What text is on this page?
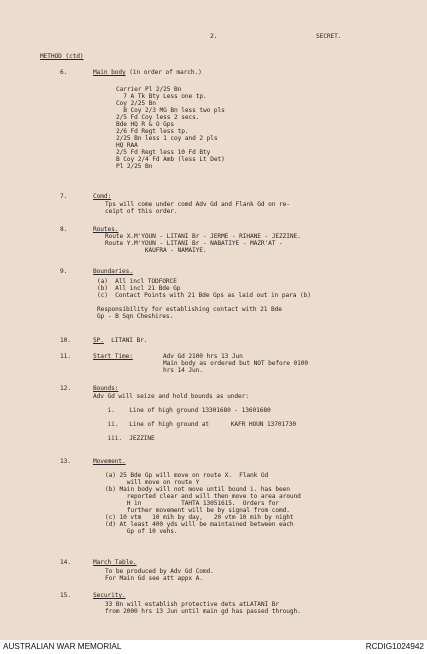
2.	SECRET.
METHOD (ctd)
6.	Main body (in order of march.)
Carrier Pl 2/25 Bn
7 A Tk Bty Less one tp.
Coy 2/25 Bn
B Coy 2/3 MG Bn less two pls
2/5 Fd Coy less 2 secs.
Bde HQ R & O Gps
2/6 Fd Regt less tp.
2/25 Bn less 1 coy and 2 pls
HQ RAA
2/5 Fd Regt less 10 Fd Bty
B Coy 2/4 Fd Amb (less Lt Det)
Pl 2/25 Bn
7.	Comd:
Tps will come under comd Adv Gd and Flank Gd on re-
ceipt of this order.
8.	Routes.
Route X.M'YOUN - LITANI Br - JERME - RIHANE - JEZZINE.
Route Y.M'YOUN - LITANI Br - NABATIYE - MAZR'AT -
KAUFRA - NAMAIYE.
9.	Boundaries.
(a)  All incl TODFORCE
(b)  All incl 21 Bde Gp
(c)  Contact Points with 21 Bde Gps as laid out in para (b)

Responsibility for establishing contact with 21 Bde
Gp - B Sqn Cheshires.
10.	SP. LITANI Br.
11.	Start Time:	Adv Gd 2100 hrs 13 Jun
Main body as ordered but NOT before 0100
hrs 14 Jun.
12.	Bounds:
Adv Gd will seize and hold bounds as under:

i.    Line of high ground 13301680 - 13601680

ii.   Line of high ground at      KAFR HOUN 13701730

iii.  JEZZINE
13.	Movement.
(a) 25 Bde Gp will move on route X.  Flank Gd
will move on route Y
(b) Main body will not move until bound i. has been
reported clear and will then move to area around
H in           TAHTA 13051615.  Orders for
further movement will be by signal from comd.
(c) 10 vtm   10 mih by day,   20 vtm 10 mih by night
(d) At least 400 yds will be maintained between each
Gp of 10 vehs.
14.	March Table.
To be produced by Adv Gd Comd.
For Main Gd see att appx A.
15.	Security.
33 Bn will establish protective dets atLATANI Br
from 2000 hrs 13 Jun until main gd has passed through.
AUSTRALIAN WAR MEMORIAL	RCDIG1024942
